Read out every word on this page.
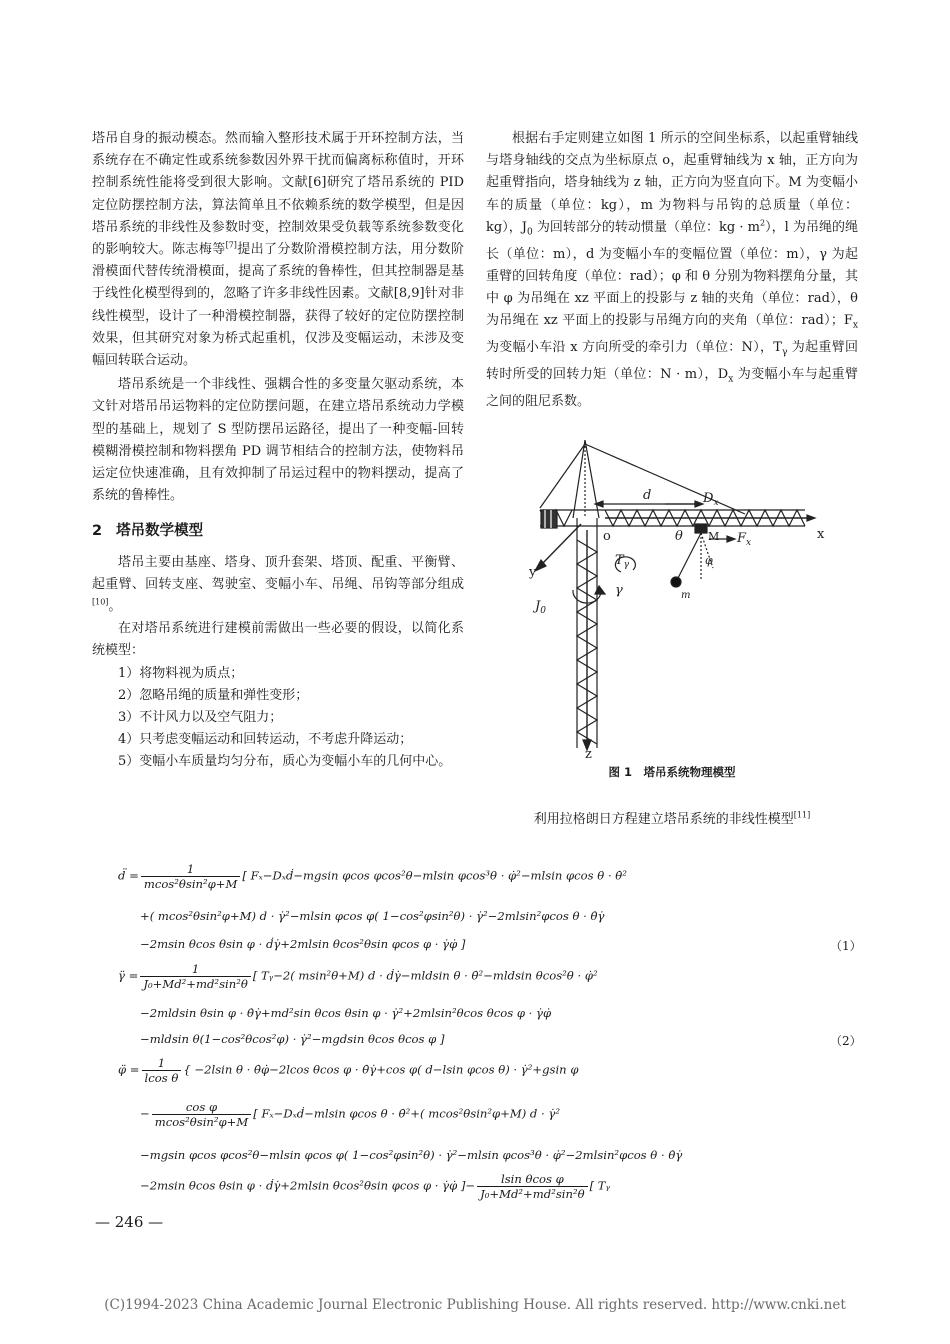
塔吊自身的振动模态。然而输入整形技术属于开环控制方法，当系统存在不确定性或系统参数因外界干扰而偏离标称值时，开环控制系统性能将受到很大影响。文献[6]研究了塔吊系统的 PID 定位防摆控制方法，算法简单且不依赖系统的数学模型，但是因塔吊系统的非线性及参数时变，控制效果受负载等系统参数变化的影响较大。陈志梅等[7]提出了分数阶滑模控制方法，用分数阶滑模面代替传统滑模面，提高了系统的鲁棒性，但其控制器是基于线性化模型得到的，忽略了许多非线性因素。文献[8,9]针对非线性模型，设计了一种滑模控制器，获得了较好的定位防摆控制效果，但其研究对象为桥式起重机，仅涉及变幅运动，未涉及变幅回转联合运动。

塔吊系统是一个非线性、强耦合性的多变量欠驱动系统，本文针对塔吊吊运物料的定位防摆问题，在建立塔吊系统动力学模型的基础上，规划了 S 型防摆吊运路径，提出了一种变幅-回转模糊滑模控制和物料摆角 PD 调节相结合的控制方法，使物料吊运定位快速准确，且有效抑制了吊运过程中的物料摆动，提高了系统的鲁棒性。

2 塔吊数学模型

塔吊主要由基座、塔身、顶升套架、塔顶、配重、平衡臂、起重臂、回转支座、驾驶室、变幅小车、吊绳、吊钩等部分组成[10]。

在对塔吊系统进行建模前需做出一些必要的假设，以简化系统模型：

1）将物料视为质点；

2）忽略吊绳的质量和弹性变形；

3）不计风力以及空气阻力；

4）只考虑变幅运动和回转运动，不考虑升降运动；

5）变幅小车质量均匀分布，质心为变幅小车的几何中心。

根据右手定则建立如图 1 所示的空间坐标系，以起重臂轴线与塔身轴线的交点为坐标原点 o，起重臂轴线为 x 轴，正方向为起重臂指向，塔身轴线为 z 轴，正方向为竖直向下。M 为变幅小车的质量（单位：kg），m 为物料与吊钩的总质量（单位：kg），$J_0$ 为回转部分的转动惯量（单位：kg · $m^2$），l 为吊绳的绳长（单位：m），d 为变幅小车的变幅位置（单位：m），γ 为起重臂的回转角度（单位：rad）；φ 和 θ 分别为物料摆角分量，其中 φ 为吊绳在 xz 平面上的投影与 z 轴的夹角（单位：rad），θ 为吊绳在 xz 平面上的投影与吊绳方向的夹角（单位：rad）；$F_x$ 为变幅小车沿 x 方向所受的牵引力（单位：N），$T_\gamma$ 为起重臂回转时所受的回转力矩（单位：N · m），$D_x$ 为变幅小车与起重臂之间的阻尼系数。

d	$D_x$
x
o	θ M $F_x$
y
$T_\gamma$
γ
φ
$J_0$
m
z
图 1　塔吊系统物理模型
利用拉格朗日方程建立塔吊系统的非线性模型[11]
d̈ = $\frac{1}{\text{mcos²θsin²φ+M}}$ [ Fₓ−Dₓḋ−mgsin φcos φcos²θ−mlsin φcos³θ · φ̇²−mlsin φcos θ · θ̇²
+( mcos²θsin²φ+M) d · γ̇²−mlsin φcos φ( 1−cos²φsin²θ) · γ̇²−2mlsin²φcos θ · θ̇γ̇
−2msin θcos θsin φ · ḋγ̇+2mlsin θcos²θsin φcos φ · γ̇φ̇ ]	（1）
γ̈ = $\frac{1}{\text{J₀+Md²+md²sin²θ}}$ [ Tᵧ−2( msin²θ+M) d · ḋγ̇−mldsin θ · θ̇²−mldsin θcos²θ · φ̇²
−2mldsin θsin φ · θ̇γ̇+md²sin θcos θsin φ · γ̇²+2mlsin²θcos θcos φ · γ̇φ̇
−mldsin θ(1−cos²θcos²φ) · γ̇²−mgdsin θcos θcos φ ]	（2）
φ̈ = $\frac{1}{\text{lcos θ}}$ { −2lsin θ · θ̇φ̇−2lcos θcos φ · θ̇γ̇+cos φ( d−lsin φcos θ) · γ̇²+gsin φ
− $\frac{\text{cos φ}}{\text{mcos²θsin²φ+M}}$ [ Fₓ−Dₓḋ−mlsin φcos θ · θ̇²+( mcos²θsin²φ+M) d · γ̇²
−mgsin φcos φcos²θ−mlsin φcos φ( 1−cos²φsin²θ) · γ̇²−mlsin φcos³θ · φ̇²−2mlsin²φcos θ · θ̇γ̇
−2msin θcos θsin φ · ḋγ̇+2mlsin θcos²θsin φcos φ · γ̇φ̇ ]− $\frac{\text{lsin θcos φ}}{\text{J₀+Md²+md²sin²θ}}$ [ Tᵧ
— 246 —
(C)1994-2023 China Academic Journal Electronic Publishing House. All rights reserved. http://www.cnki.net
